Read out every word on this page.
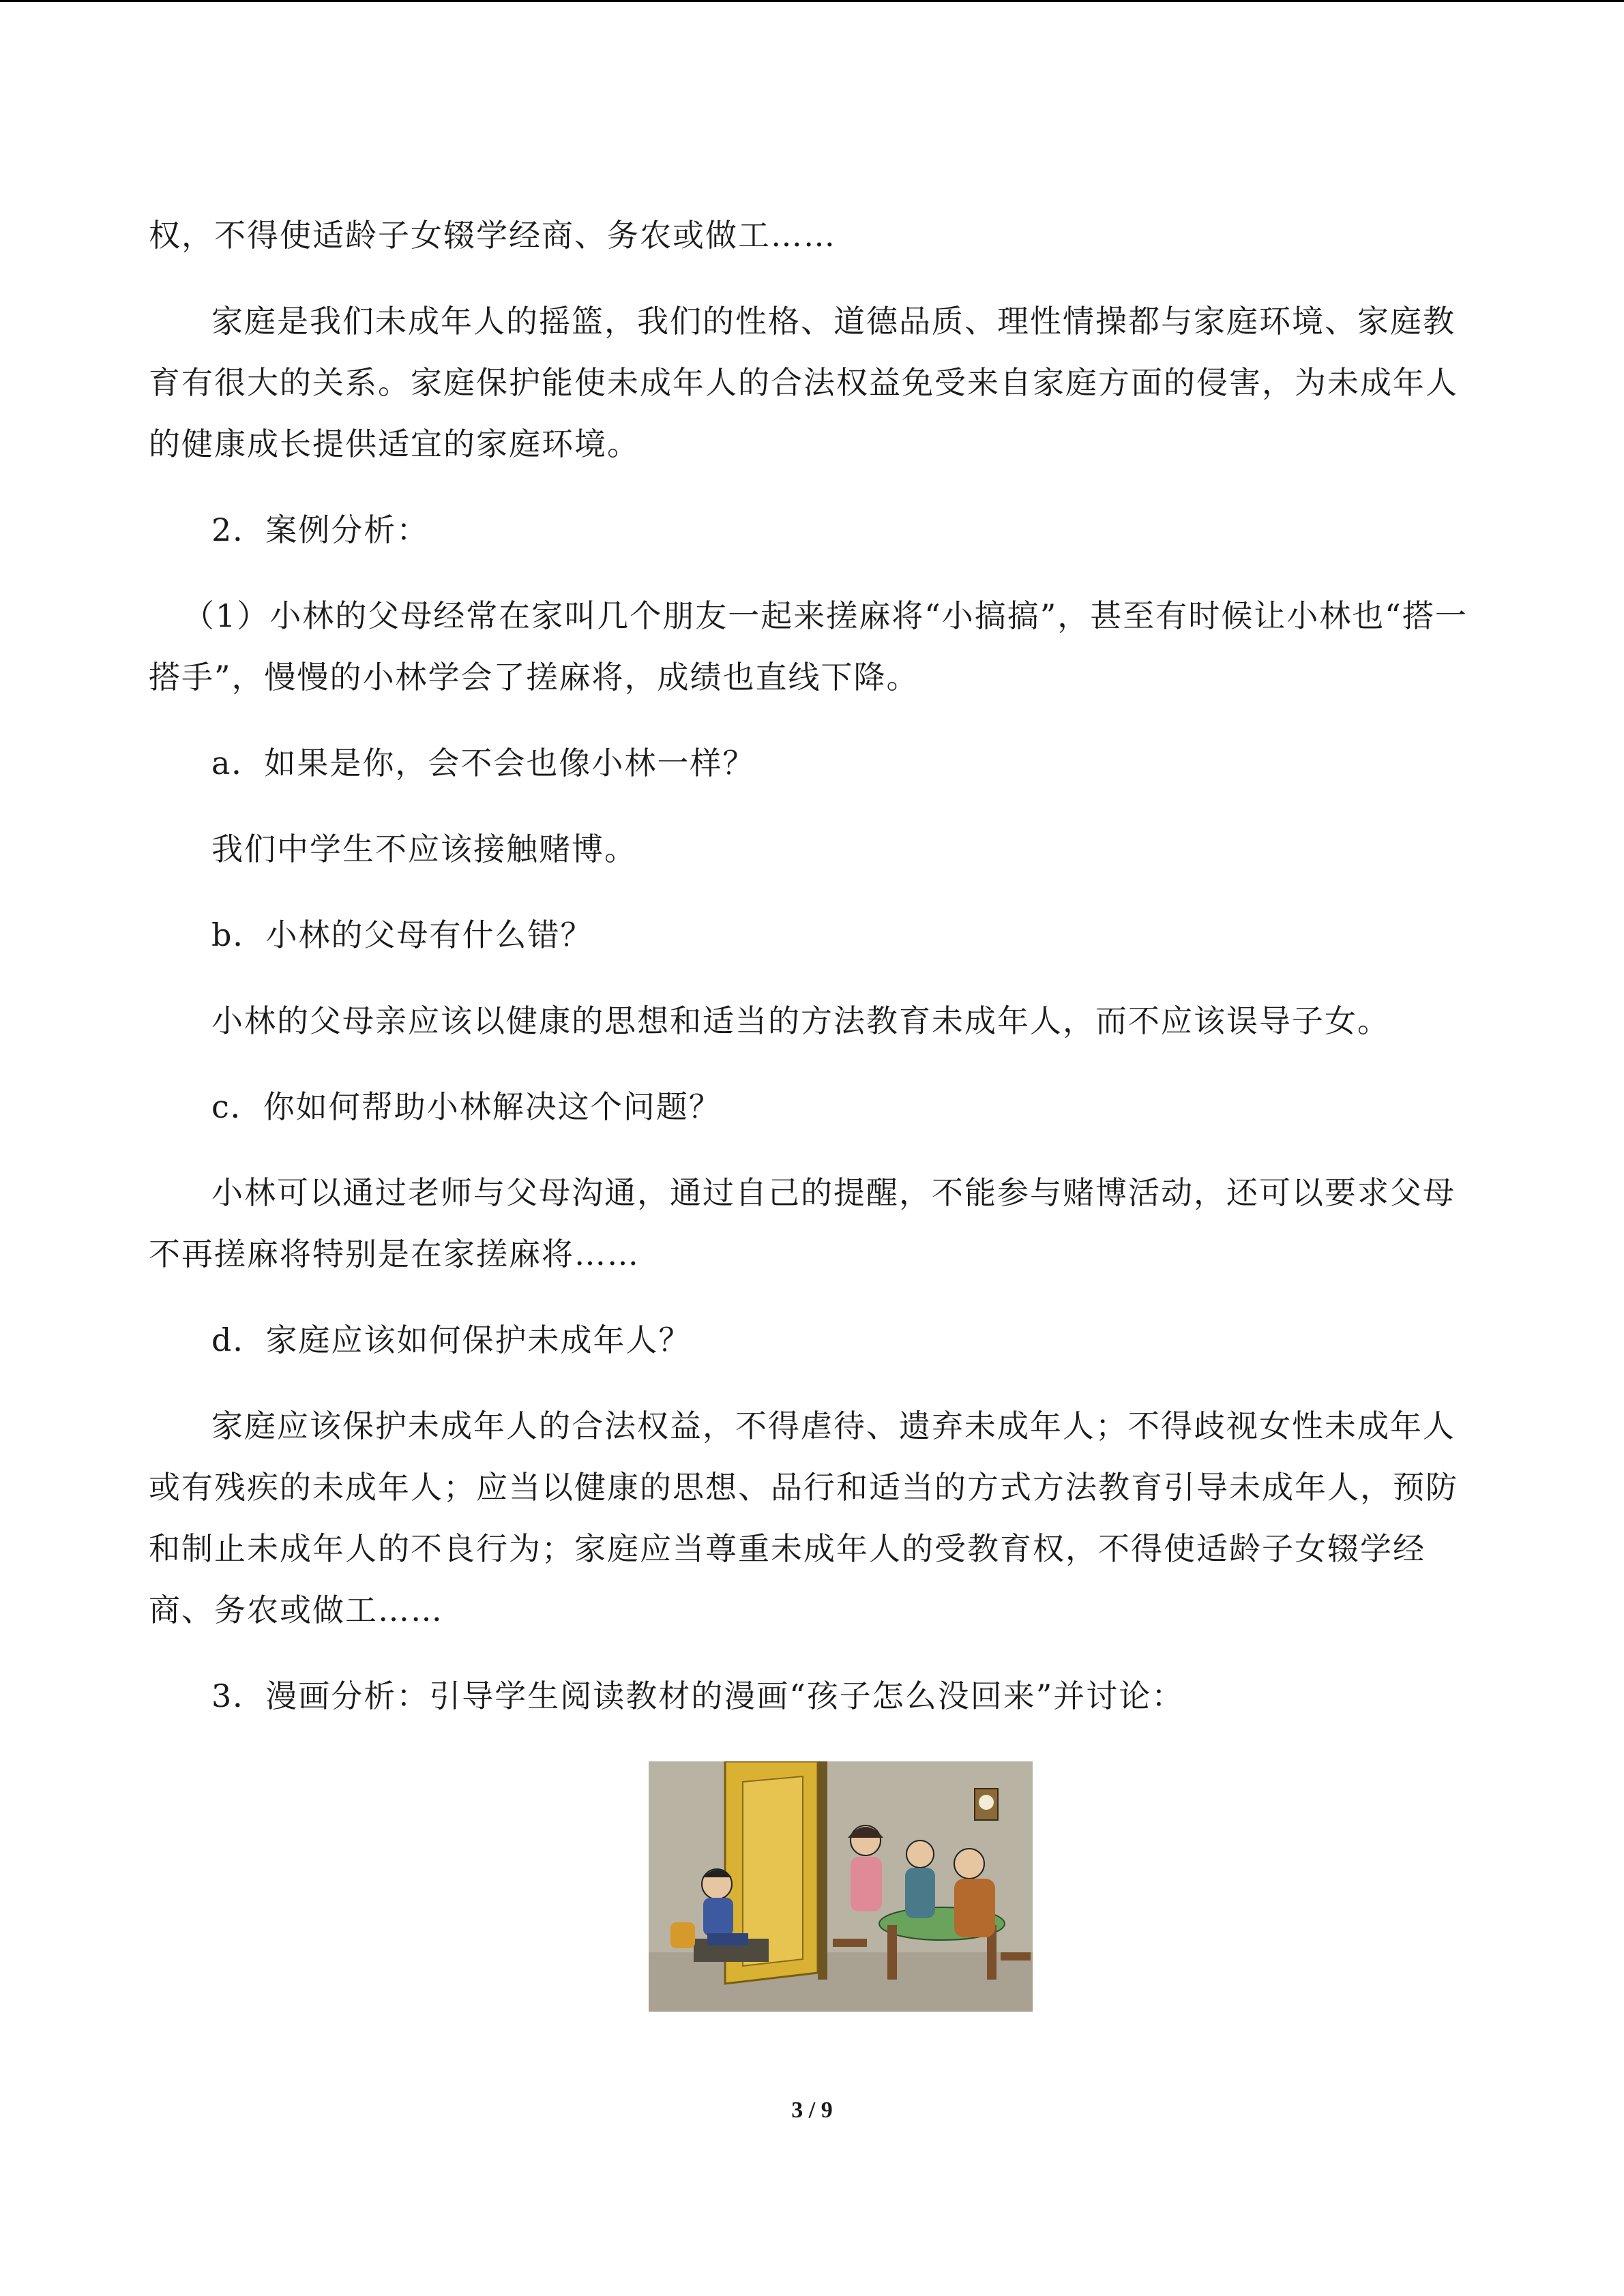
权，不得使适龄子女辍学经商、务农或做工……

家庭是我们未成年人的摇篮，我们的性格、道德品质、理性情操都与家庭环境、家庭教育有很大的关系。家庭保护能使未成年人的合法权益免受来自家庭方面的侵害，为未成年人的健康成长提供适宜的家庭环境。

2．案例分析：

（1）小林的父母经常在家叫几个朋友一起来搓麻将“小搞搞”，甚至有时候让小林也“搭一搭手”，慢慢的小林学会了搓麻将，成绩也直线下降。

a．如果是你，会不会也像小林一样？

我们中学生不应该接触赌博。

b．小林的父母有什么错？

小林的父母亲应该以健康的思想和适当的方法教育未成年人，而不应该误导子女。

c．你如何帮助小林解决这个问题？

小林可以通过老师与父母沟通，通过自己的提醒，不能参与赌博活动，还可以要求父母不再搓麻将特别是在家搓麻将……

d．家庭应该如何保护未成年人？

家庭应该保护未成年人的合法权益，不得虐待、遗弃未成年人；不得歧视女性未成年人或有残疾的未成年人；应当以健康的思想、品行和适当的方式方法教育引导未成年人，预防和制止未成年人的不良行为；家庭应当尊重未成年人的受教育权，不得使适龄子女辍学经商、务农或做工……

3．漫画分析：引导学生阅读教材的漫画“孩子怎么没回来”并讨论：

3 / 9
